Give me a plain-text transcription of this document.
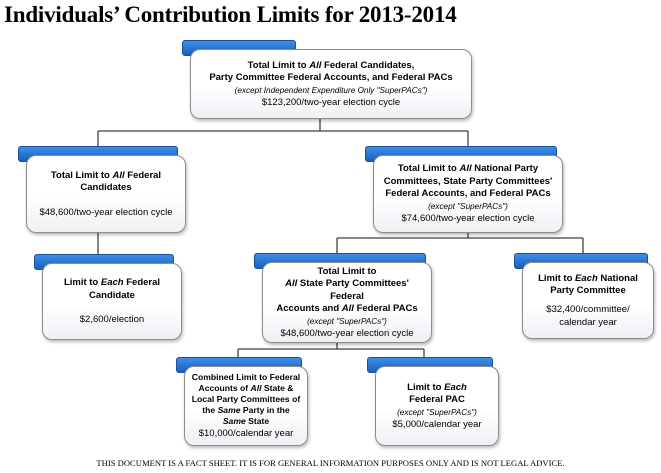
Individuals’ Contribution Limits for 2013-2014
Total Limit to All Federal Candidates,
Party Committee Federal Accounts, and Federal PACs
(except Independent Expenditure Only "SuperPACs")
$123,200/two-year election cycle
Total Limit to All Federal
Candidates
$48,600/two-year election cycle
Total Limit to All National Party
Committees, State Party Committees'
Federal Accounts, and Federal PACs
(except "SuperPACs")
$74,600/two-year election cycle
Limit to Each Federal
Candidate
$2,600/election
Total Limit to
All State Party Committees' Federal
Accounts and All Federal PACs
(except "SuperPACs")
$48,600/two-year election cycle
Limit to Each National
Party Committee
$32,400/committee/
calendar year
Combined Limit to Federal
Accounts of All State &
Local Party Committees of
the Same Party in the
Same State
$10,000/calendar year
Limit to Each
Federal PAC
(except "SuperPACs")
$5,000/calendar year
THIS DOCUMENT IS A FACT SHEET. IT IS FOR GENERAL INFORMATION PURPOSES ONLY AND IS NOT LEGAL ADVICE.
